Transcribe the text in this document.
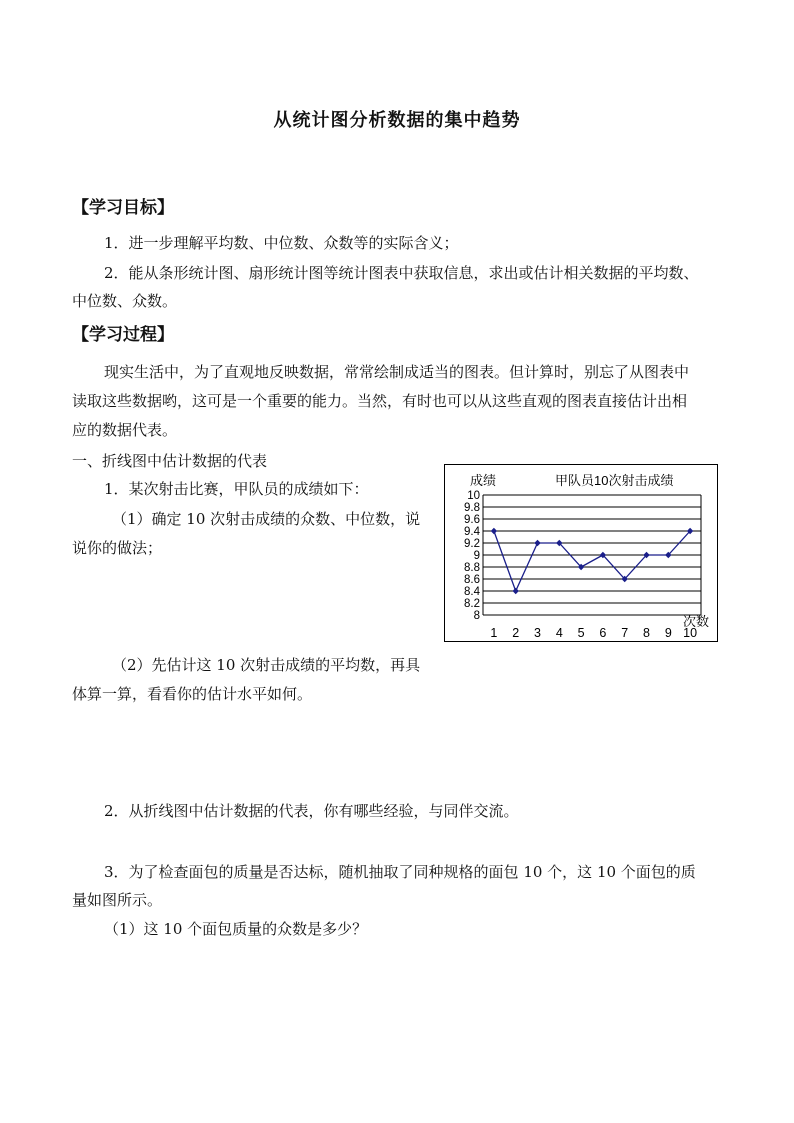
从统计图分析数据的集中趋势
【学习目标】
1．进一步理解平均数、中位数、众数等的实际含义；
2．能从条形统计图、扇形统计图等统计图表中获取信息，求出或估计相关数据的平均数、
中位数、众数。
【学习过程】
现实生活中，为了直观地反映数据，常常绘制成适当的图表。但计算时，别忘了从图表中
读取这些数据哟，这可是一个重要的能力。当然，有时也可以从这些直观的图表直接估计出相
应的数据代表。
一、折线图中估计数据的代表
1．某次射击比赛，甲队员的成绩如下：
（1）确定 10 次射击成绩的众数、中位数，说
说你的做法；
（2）先估计这 10 次射击成绩的平均数，再具
体算一算，看看你的估计水平如何。
2．从折线图中估计数据的代表，你有哪些经验，与同伴交流。
3．为了检查面包的质量是否达标，随机抽取了同种规格的面包 10 个，这 10 个面包的质
量如图所示。
（1）这 10 个面包质量的众数是多少？
成绩	甲队员10次射击成绩
次数
10
9.8
9.6
9.4
9.2
9
8.8
8.6
8.4
8.2
8
1 2 3 4 5 6 7 8 9 10
